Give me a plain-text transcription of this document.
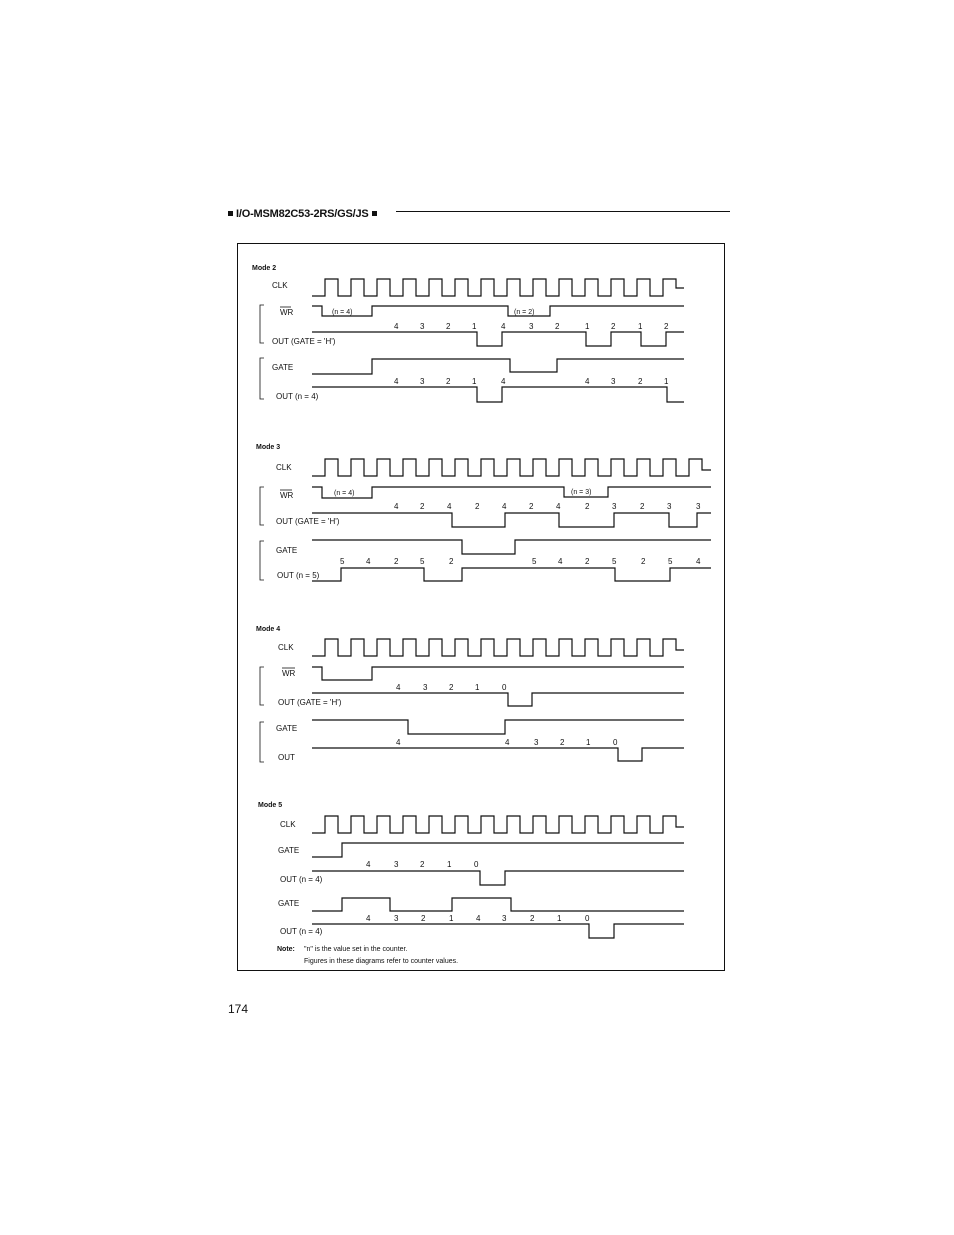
I/O-MSM82C53-2RS/GS/JS
Mode 2
CLK
WR	(n = 4)	(n = 2)
4	3	2	1	4	3	2	1	2	1	2
OUT (GATE = 'H')
GATE
4	3	2	1	4	4	3	2	1
OUT (n = 4)
Mode 3
CLK
WR	(n = 4)	(n = 3)
4	2	4	2	4	2	4	2	3	2	3	3
OUT (GATE = 'H')
GATE
5	4	2	5	2	5	4	2	5	2	5	4
OUT (n = 5)
Mode 4
CLK
WR
4	3	2	1	0
OUT (GATE = 'H')
GATE
4	4	3	2	1	0
OUT
Mode 5
CLK
GATE
4	3	2	1	0
OUT (n = 4)
GATE
4	3	2	1	4	3	2	1	0
OUT (n = 4)
Note: "n" is the value set in the counter.
Figures in these diagrams refer to counter values.
174
